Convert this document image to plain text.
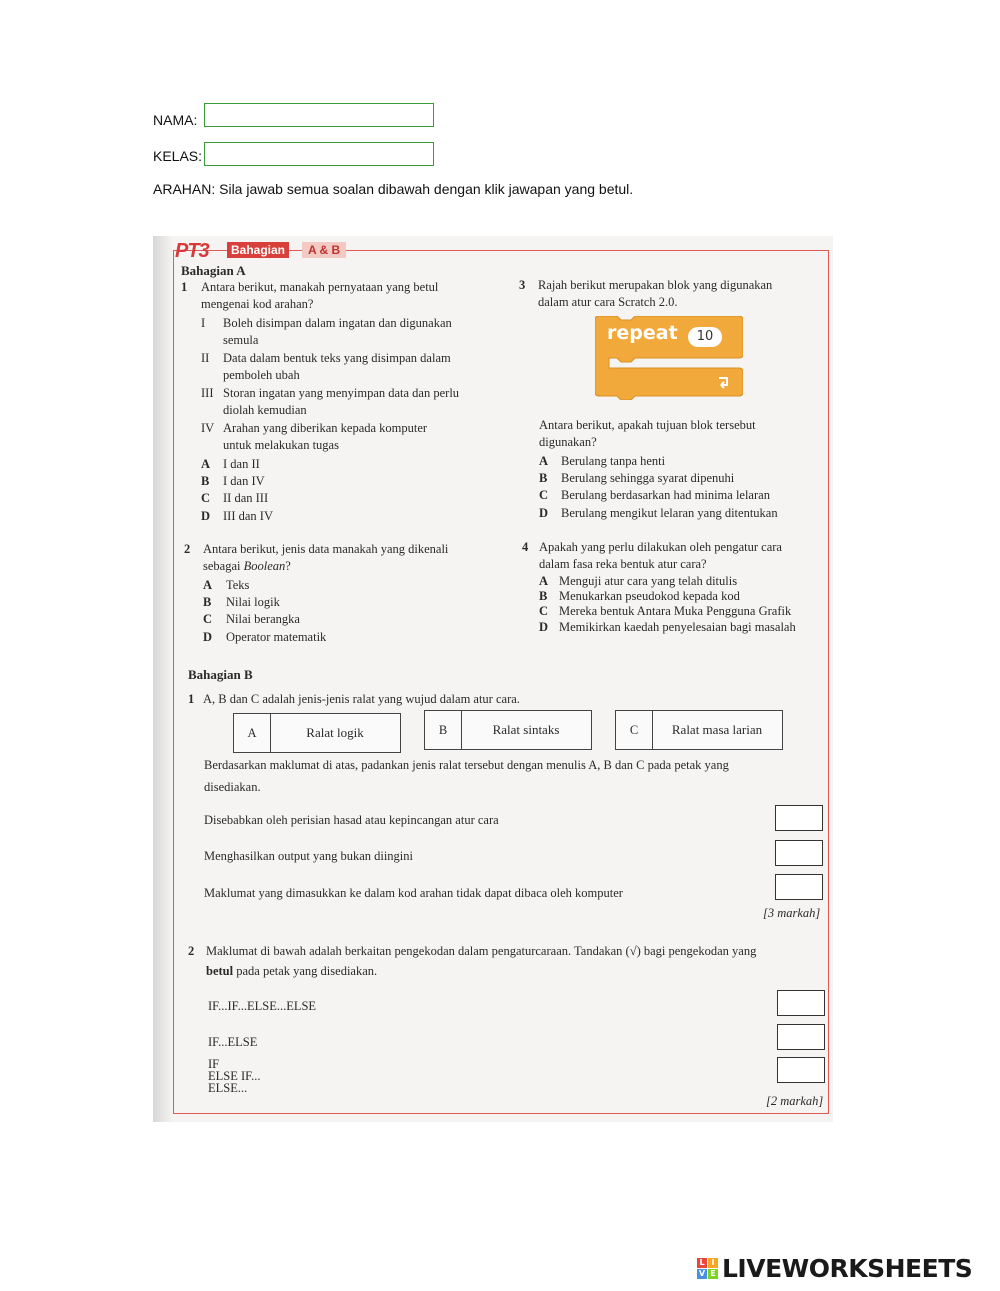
NAMA:
KELAS:
ARAHAN: Sila jawab semua soalan dibawah dengan klik jawapan yang betul.
PT3	Bahagian	A & B
Bahagian A
1 Antara berikut, manakah pernyataan yang betul
mengenai kod arahan?
I Boleh disimpan dalam ingatan dan digunakan
semula
II Data dalam bentuk teks yang disimpan dalam
pemboleh ubah
III Storan ingatan yang menyimpan data dan perlu
diolah kemudian
IV Arahan yang diberikan kepada komputer
untuk melakukan tugas
A I dan II
B I dan IV
C II dan III
D III dan IV
2 Antara berikut, jenis data manakah yang dikenali
sebagai Boolean?
A Teks
B Nilai logik
C Nilai berangka
D Operator matematik
3 Rajah berikut merupakan blok yang digunakan
dalam atur cara Scratch 2.0.
repeat	10
Antara berikut, apakah tujuan blok tersebut
digunakan?
A Berulang tanpa henti
B Berulang sehingga syarat dipenuhi
C Berulang berdasarkan had minima lelaran
D Berulang mengikut lelaran yang ditentukan
4 Apakah yang perlu dilakukan oleh pengatur cara
dalam fasa reka bentuk atur cara?
A Menguji atur cara yang telah ditulis
B Menukarkan pseudokod kepada kod
C Mereka bentuk Antara Muka Pengguna Grafik
D Memikirkan kaedah penyelesaian bagi masalah
Bahagian B
1 A, B dan C adalah jenis-jenis ralat yang wujud dalam atur cara.
A	Ralat logik	B	Ralat sintaks	C	Ralat masa larian
Berdasarkan maklumat di atas, padankan jenis ralat tersebut dengan menulis A, B dan C pada petak yang
disediakan.
Disebabkan oleh perisian hasad atau kepincangan atur cara
Menghasilkan output yang bukan diingini
Maklumat yang dimasukkan ke dalam kod arahan tidak dapat dibaca oleh komputer
[3 markah]
2 Maklumat di bawah adalah berkaitan pengekodan dalam pengaturcaraan. Tandakan (√) bagi pengekodan yang
betul pada petak yang disediakan.
IF...IF...ELSE...ELSE
IF...ELSE
IF
ELSE IF...
ELSE...
[2 markah]
L I
V E LIVEWORKSHEETS
